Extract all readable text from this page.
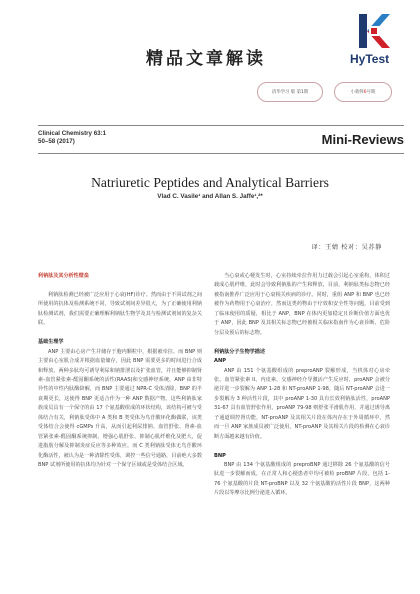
精品文章解读	HyTest
清华学习 版 第1期	小新鲜 6 号期
Clinical Chemistry 63:1
50–58 (2017)	Mini-Reviews
Natriuretic Peptides and Analytical Barriers
Vlad C. Vasile¹ and Allan S. Jaffe¹,²*
译：王婧 校对：吴苏静

利钠肽及其分析性壁垒

利钠肽检测已经被广泛应用于心衰(HF)诊疗。然而由于不同试剂之间所使用的抗体及检测系统不同，导致试剂间差异很大，为了正确使用利钠肽检测试剂，我们需要正确理解利钠肽生物学及其与检测试剂间的复杂关联。

基础生理学

ANP 主要由心房产生并储存于胞内颗粒中，根据被牵拉、而 BNP 则主要由心室肌合成并根据血量储存，因此 BNP 需要更多的时间进行合成和释放。两种多肽均可诱导利尿和钠排泄以及扩张血管，并且能够抑制肾素-血管紧张素-醛固酮系统的活性(RAAS)和交感神经系统，ANP 由非特异性的中性内肽酶降解，而 BNP 主要通过 NPR-C 受体清除，BNP 的半衰期更长，这使得 BNP 更适合作为一种 ANP 数据产物。这些利钠肽家族成员具有一个保守的由 17 个氨基酸组成的环状结构，该结构可被与受体结合有关，利钠肽受体中 A 类和 B 类受体为鸟苷酸环化酶偶联，该类受体结合会使得 cGMPs 升高，从而引起利尿排钠、血管舒张、肾素-血管紧张素-醛固酮系统抑制、增强心肌舒张、抑制心肌纤维化及肥大，促进脂肪分解及抑制炎症反应等多种效应。而 C 类利钠肽受体无鸟苷酸环化酶活性，被认为是一种清除性受体，调控一些信号通路，目前绝大多数 BNP 试剂所使用的抗体均为针对一个保守区域或是受体结合区域。

当心衰或心梗发生时，心室持续牵拉作用力过载会引起心室重构，体积过载成心肌纤维，此时会导致利钠肽的产生和释放，目前，利钠肽类标志物已经被指南推荐广泛应用于心衰相关疾病的诊疗。同时，重组 ANP 和 BNP 也已经被作为药物用于心衰治疗，然而这类药物由于疗效和安全性等问题，目前受到了临床使用的质疑，相比于 ANP，BNP 在体内更加稳定且诊断价值方面也优于 ANP，因此 BNP 及其相关标志物已经被相关临床指南作为心衰诊断、危险分层及预后的标志物。

利钠肽分子生物学描述

ANP

ANP 由 151 个氨基酸组成的 preproANP 裂解形成，当机体对心房牵张、血管紧张素 II、内皮素、交感神经介导激活产生反应时，proANP 会被分泌并进一步裂解为 ANP 1-28 和 NT-proANP 1-98，随后 NT-proANP 会进一步裂解为 3 种活性片段，其中 proANP 1-30 具有长效利钠肽活性，proANP 31-67 具有血管舒张作用，proANP 79-98 则舒张平滑肌作用，并通过诱导离子通道调控肾功能，NT-proANP 及其相关片段在体内存在于外周循环中，然而一旦 ANP 家族成员被广泛使用，NT-proANP 及其相关片段的检测在心衰诊断方面越来越有价值。

BNP

BNP 由 134 个氨基酸组成的 preproBNP 通过移除 26 个氨基酸的信号肽进一步裂解而成，在正常人和心梗患者中均可被检 proBNP 片段，包括 1-76 个氨基酸的片段 NT-proBNP 以及 32 个氨基酸的活性片段 BNP，这两种片段以等摩尔比例分泌进入循环。
